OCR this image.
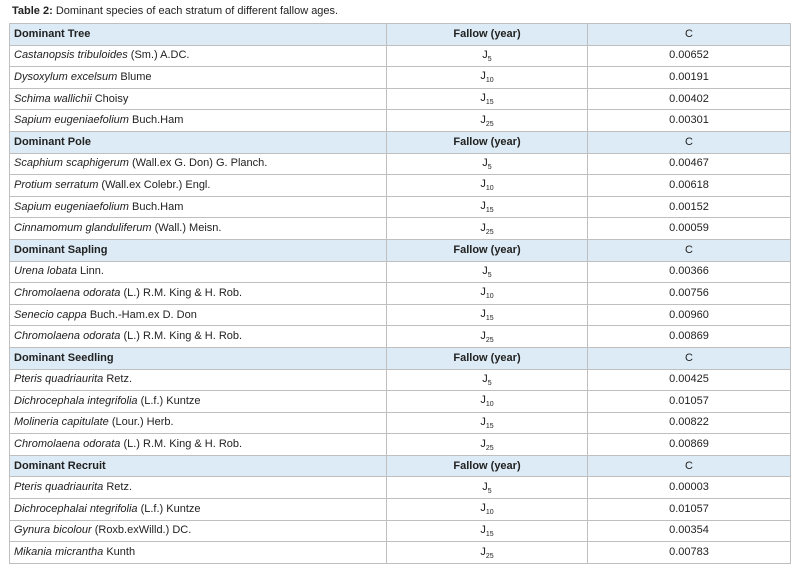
Table 2: Dominant species of each stratum of different fallow ages.
Dominant Tree	Fallow (year)	C
Castanopsis tribuloides (Sm.) A.DC.	$J_5$	0.00652
Dysoxylum excelsum Blume	$J_{10}$	0.00191
Schima wallichii Choisy	$J_{15}$	0.00402
Sapium eugeniaefolium Buch.Ham	$J_{25}$	0.00301
Dominant Pole	Fallow (year)	C
Scaphium scaphigerum (Wall.ex G. Don) G. Planch.	$J_5$	0.00467
Protium serratum (Wall.ex Colebr.) Engl.	$J_{10}$	0.00618
Sapium eugeniaefolium Buch.Ham	$J_{15}$	0.00152
Cinnamomum glanduliferum (Wall.) Meisn.	$J_{25}$	0.00059
Dominant Sapling	Fallow (year)	C
Urena lobata Linn.	$J_5$	0.00366
Chromolaena odorata (L.) R.M. King & H. Rob.	$J_{10}$	0.00756
Senecio cappa Buch.-Ham.ex D. Don	$J_{15}$	0.00960
Chromolaena odorata (L.) R.M. King & H. Rob.	$J_{25}$	0.00869
Dominant Seedling	Fallow (year)	C
Pteris quadriaurita Retz.	$J_5$	0.00425
Dichrocephala integrifolia (L.f.) Kuntze	$J_{10}$	0.01057
Molineria capitulate (Lour.) Herb.	$J_{15}$	0.00822
Chromolaena odorata (L.) R.M. King & H. Rob.	$J_{25}$	0.00869
Dominant Recruit	Fallow (year)	C
Pteris quadriaurita Retz.	$J_5$	0.00003
Dichrocephalai ntegrifolia (L.f.) Kuntze	$J_{10}$	0.01057
Gynura bicolour (Roxb.exWilld.) DC.	$J_{15}$	0.00354
Mikania micrantha Kunth	$J_{25}$	0.00783
